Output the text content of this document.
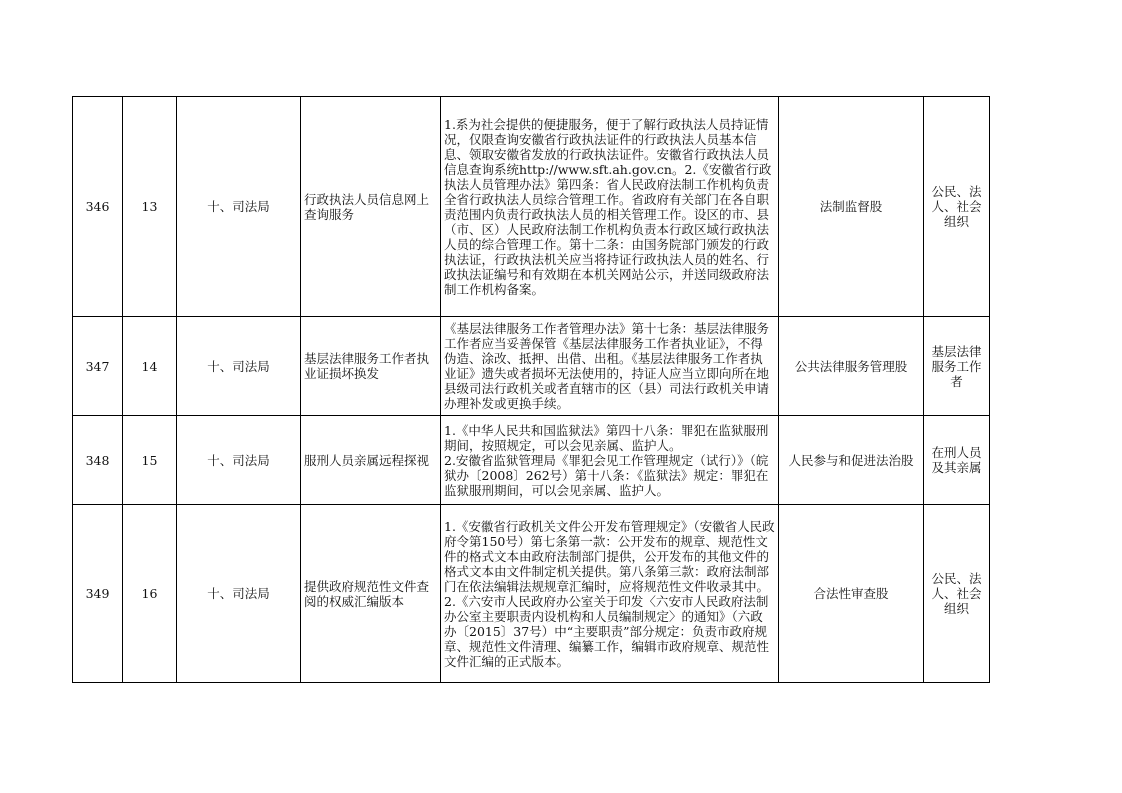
346	13	十、司法局	行政执法人员信息网上查询服务	1.系为社会提供的便捷服务，便于了解行政执法人员持证情况，仅限查询安徽省行政执法证件的行政执法人员基本信息、领取安徽省发放的行政执法证件。安徽省行政执法人员信息查询系统http://www.sft.ah.gov.cn。2.《安徽省行政执法人员管理办法》第四条：省人民政府法制工作机构负责全省行政执法人员综合管理工作。省政府有关部门在各自职责范围内负责行政执法人员的相关管理工作。设区的市、县（市、区）人民政府法制工作机构负责本行政区域行政执法人员的综合管理工作。第十二条：由国务院部门颁发的行政执法证，行政执法机关应当将持证行政执法人员的姓名、行政执法证编号和有效期在本机关网站公示，并送同级政府法制工作机构备案。	法制监督股	公民、法人、社会组织
347	14	十、司法局	基层法律服务工作者执业证损坏换发	《基层法律服务工作者管理办法》第十七条：基层法律服务工作者应当妥善保管《基层法律服务工作者执业证》，不得伪造、涂改、抵押、出借、出租。《基层法律服务工作者执业证》遗失或者损坏无法使用的，持证人应当立即向所在地县级司法行政机关或者直辖市的区（县）司法行政机关申请办理补发或更换手续。	公共法律服务管理股	基层法律服务工作者
348	15	十、司法局	服刑人员亲属远程探视	1.《中华人民共和国监狱法》第四十八条：罪犯在监狱服刑期间，按照规定，可以会见亲属、监护人。
2.安徽省监狱管理局《罪犯会见工作管理规定（试行）》（皖狱办〔2008〕262号）第十八条：《监狱法》规定：罪犯在监狱服刑期间，可以会见亲属、监护人。	人民参与和促进法治股	在刑人员及其亲属
349	16	十、司法局	提供政府规范性文件查阅的权威汇编版本	1.《安徽省行政机关文件公开发布管理规定》（安徽省人民政府令第150号）第七条第一款：公开发布的规章、规范性文件的格式文本由政府法制部门提供，公开发布的其他文件的格式文本由文件制定机关提供。第八条第三款：政府法制部门在依法编辑法规规章汇编时，应将规范性文件收录其中。
2.《六安市人民政府办公室关于印发〈六安市人民政府法制办公室主要职责内设机构和人员编制规定〉的通知》（六政办〔2015〕37号）中“主要职责”部分规定：负责市政府规章、规范性文件清理、编纂工作，编辑市政府规章、规范性文件汇编的正式版本。	合法性审查股	公民、法人、社会组织
